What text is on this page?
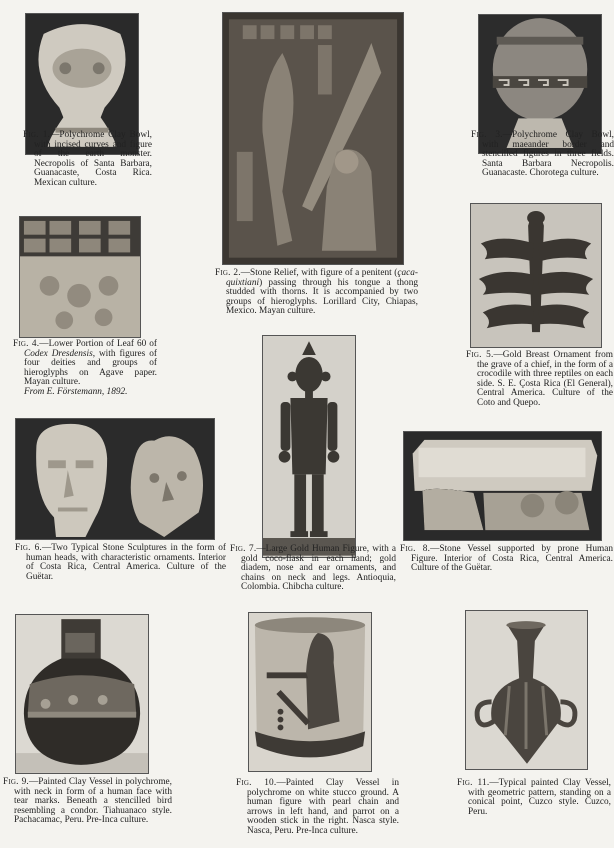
Fig. 1.—Polychrome Clay Bowl, with incised curves and figure of the earth monster. Necropolis of Santa Barbara, Guanacaste, Costa Rica. Mexican culture.
Fig. 2.—Stone Relief, with figure of a penitent (çaca-quixtiani) passing through his tongue a thong studded with thorns. It is accompanied by two groups of hieroglyphs. Lorillard City, Chiapas, Mexico. Mayan culture.
Fig. 3.—Polychrome Clay Bowl, with maeander border and stencilled figures in three fields. Santa Barbara Necropolis. Guanacaste. Chorotega culture.
Fig. 4.—Lower Portion of Leaf 60 of Codex Dresdensis, with figures of four deities and groups of hieroglyphs on Agave paper. Mayan culture.
From E. Förstemann, 1892.
Fig. 5.—Gold Breast Ornament from the grave of a chief, in the form of a crocodile with three reptiles on each side. S. E. Çosta Rica (El General), Central America. Culture of the Coto and Quepo.
Fig. 7.—Large Gold Human Figure, with a gold coco-flask in each hand; gold diadem, nose and ear ornaments, and chains on neck and legs. Antioquia, Colombia. Chibcha culture.
Fig. 6.—Two Typical Stone Sculptures in the form of human heads, with characteristic ornaments. Interior of Costa Rica, Central America. Culture of the Guëtar.
Fig. 8.—Stone Vessel supported by prone Human Figure. Interior of Costa Rica, Central America. Culture of the Guëtar.
Fig. 9.—Painted Clay Vessel in polychrome, with neck in form of a human face with tear marks. Beneath a stencilled bird resembling a condor. Tiahuanaco style. Pachacamac, Peru. Pre-Inca culture.
Fig. 10.—Painted Clay Vessel in polychrome on white stucco ground. A human figure with pearl chain and arrows in left hand, and parrot on a wooden stick in the right. Nasca style. Nasca, Peru. Pre-Inca culture.
Fig. 11.—Typical painted Clay Vessel, with geometric pattern, standing on a conical point, Cuzco style. Cuzco, Peru.
